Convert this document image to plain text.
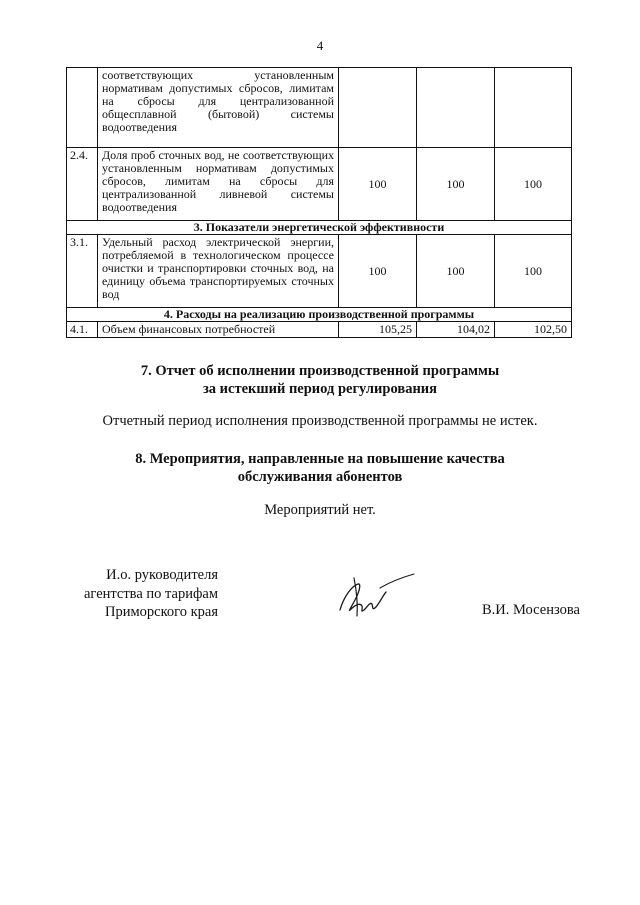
4
	соответствующих установленным нормативам допустимых сбросов, лимитам на сбросы для централизованной общесплавной (бытовой) системы водоотведения			
2.4.	Доля проб сточных вод, не соответствующих установленным нормативам допустимых сбросов, лимитам на сбросы для централизованной ливневой системы водоотведения	100	100	100
3. Показатели энергетической эффективности				
3.1.	Удельный расход электрической энергии, потребляемой в технологическом процессе очистки и транспортировки сточных вод, на единицу объема транспортируемых сточных вод	100	100	100
4. Расходы на реализацию производственной программы				
4.1.	Объем финансовых потребностей	105,25	104,02	102,50
7. Отчет об исполнении производственной программы
за истекший период регулирования
Отчетный период исполнения производственной программы не истек.
8. Мероприятия, направленные на повышение качества
обслуживания абонентов
Мероприятий нет.
И.о. руководителя
агентства по тарифам
Приморского края	В.И. Мосензова
